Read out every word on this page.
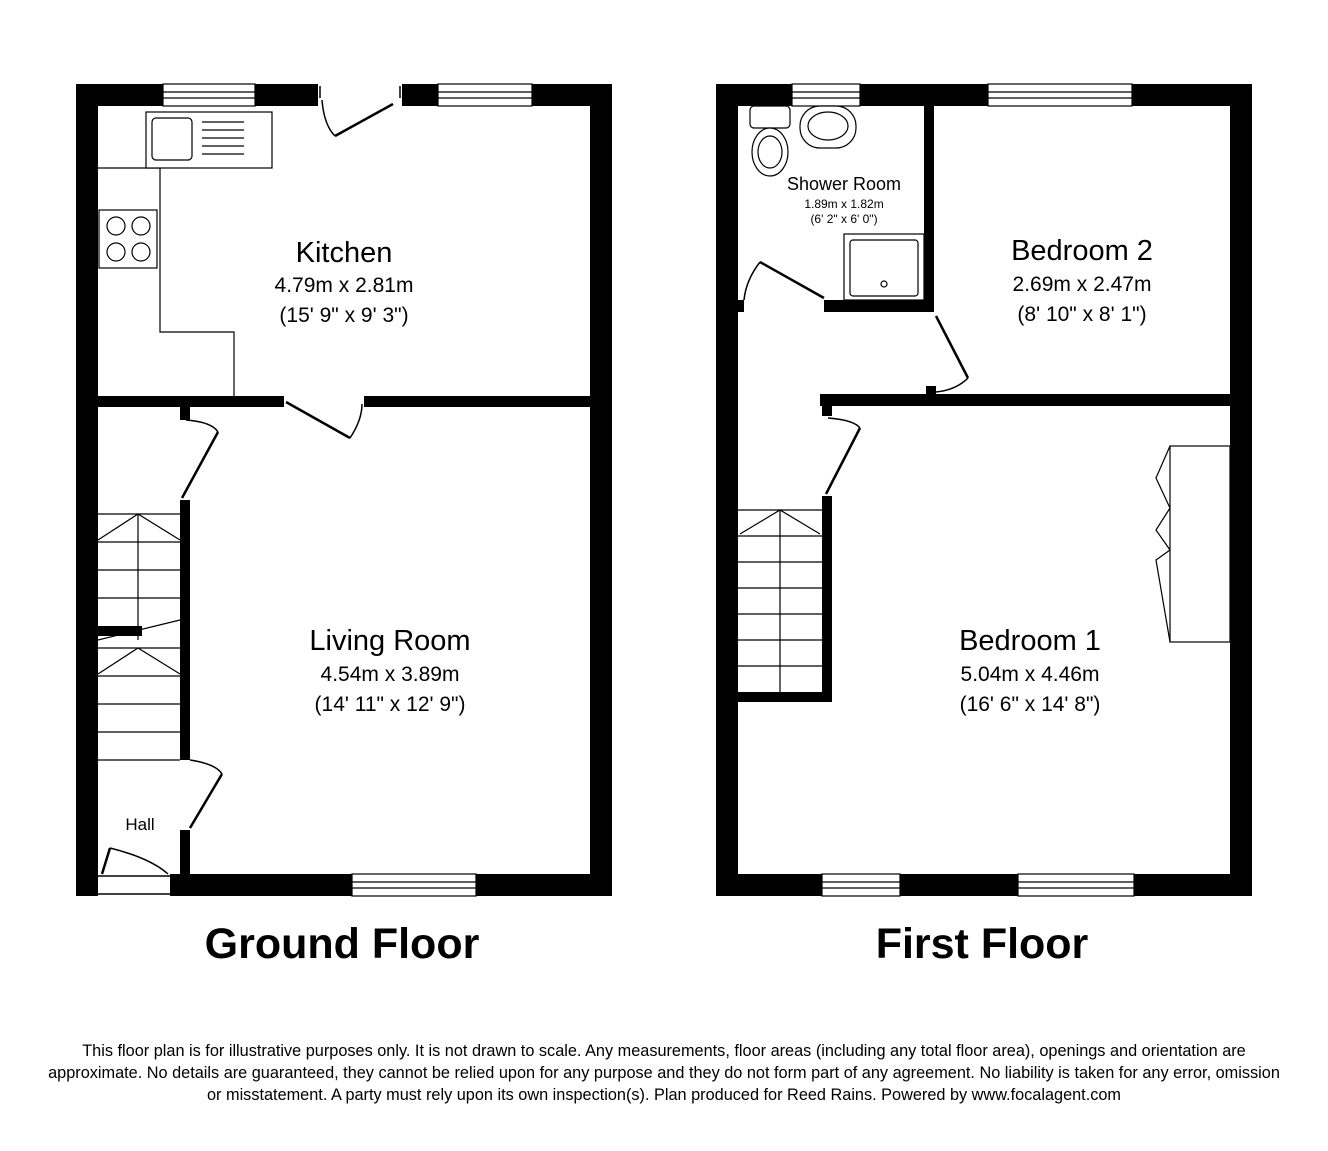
Kitchen
4.79m x 2.81m
(15' 9" x 9' 3")
Living Room
4.54m x 3.89m
(14' 11" x 12' 9")
Hall
Ground Floor
Shower Room
1.89m x 1.82m
(6' 2" x 6' 0")
Bedroom 2
2.69m x 2.47m
(8' 10" x 8' 1")
Bedroom 1
5.04m x 4.46m
(16' 6" x 14' 8")
First Floor
This floor plan is for illustrative purposes only. It is not drawn to scale. Any measurements, floor areas (including any total floor area), openings and orientation are approximate. No details are guaranteed, they cannot be relied upon for any purpose and they do not form part of any agreement. No liability is taken for any error, omission or misstatement. A party must rely upon its own inspection(s). Plan produced for Reed Rains. Powered by www.focalagent.com
